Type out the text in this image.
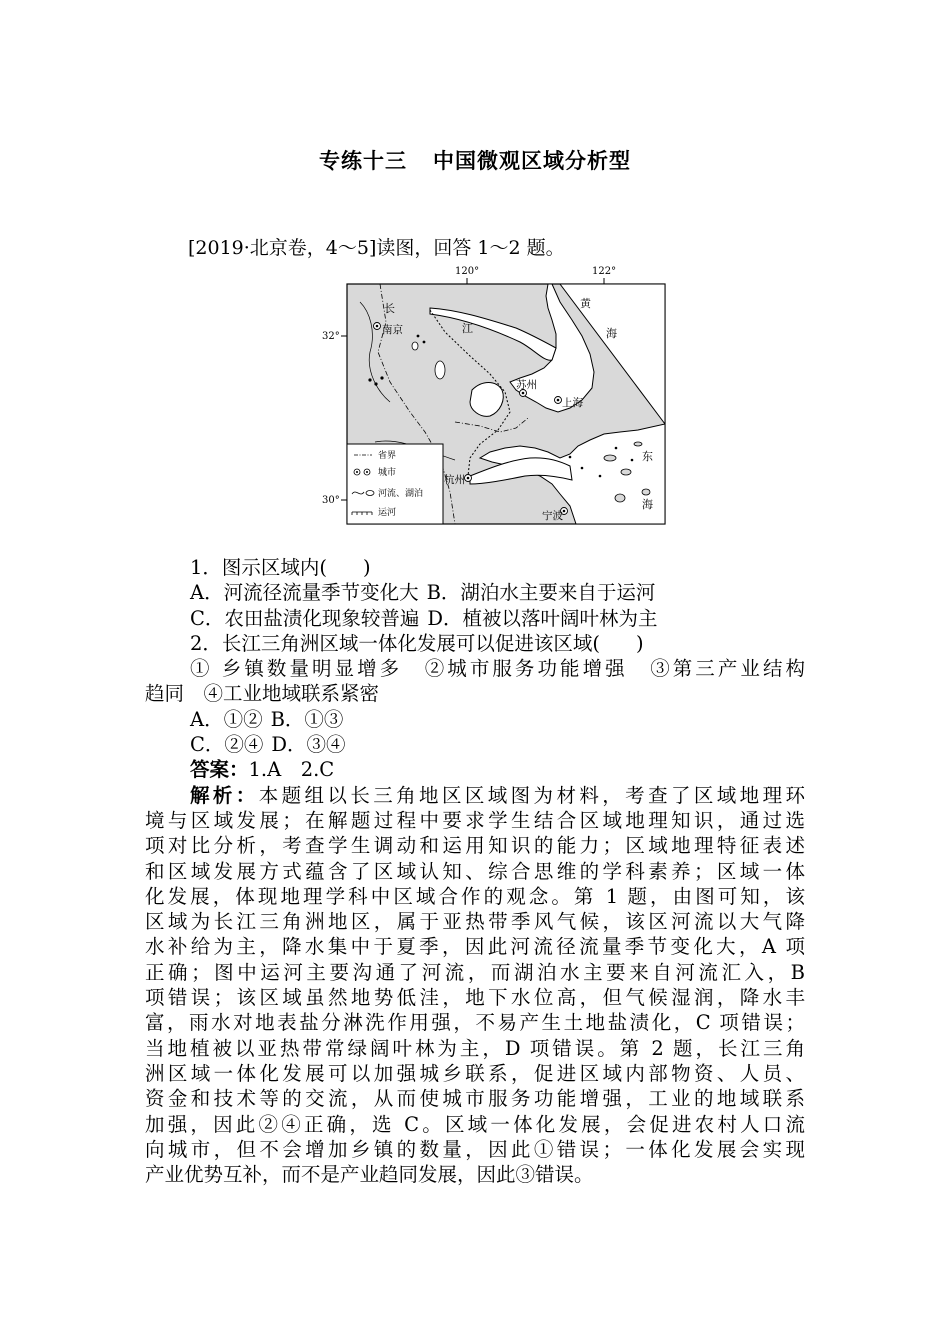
专练十三 中国微观区域分析型
[2019·北京卷，4～5]读图，回答 1～2 题。
120°	122°
32°
30°
长
江
南京
苏州
上海
杭州
宁波
黄
海
东
海
省界
城市
河流、湖泊
运河
1．图示区域内( )
A．河流径流量季节变化大 B．湖泊水主要来自于运河
C．农田盐渍化现象较普遍 D．植被以落叶阔叶林为主
2．长江三角洲区域一体化发展可以促进该区域( )
① 乡镇数量明显增多　②城市服务功能增强　③第三产业结构
趋同　④工业地域联系紧密
A．①② B．①③
C．②④ D．③④
答案：1.A　2.C
解析：本题组以长三角地区区域图为材料，考查了区域地理环
境与区域发展；在解题过程中要求学生结合区域地理知识，通过选
项对比分析，考查学生调动和运用知识的能力；区域地理特征表述
和区域发展方式蕴含了区域认知、综合思维的学科素养；区域一体
化发展，体现地理学科中区域合作的观念。第 1 题，由图可知，该
区域为长江三角洲地区，属于亚热带季风气候，该区河流以大气降
水补给为主，降水集中于夏季，因此河流径流量季节变化大，A 项
正确；图中运河主要沟通了河流，而湖泊水主要来自河流汇入，B
项错误；该区域虽然地势低洼，地下水位高，但气候湿润，降水丰
富，雨水对地表盐分淋洗作用强，不易产生土地盐渍化，C 项错误；
当地植被以亚热带常绿阔叶林为主，D 项错误。第 2 题，长江三角
洲区域一体化发展可以加强城乡联系，促进区域内部物资、人员、
资金和技术等的交流，从而使城市服务功能增强，工业的地域联系
加强，因此②④正确，选 C。区域一体化发展，会促进农村人口流
向城市，但不会增加乡镇的数量，因此①错误；一体化发展会实现
产业优势互补，而不是产业趋同发展，因此③错误。
